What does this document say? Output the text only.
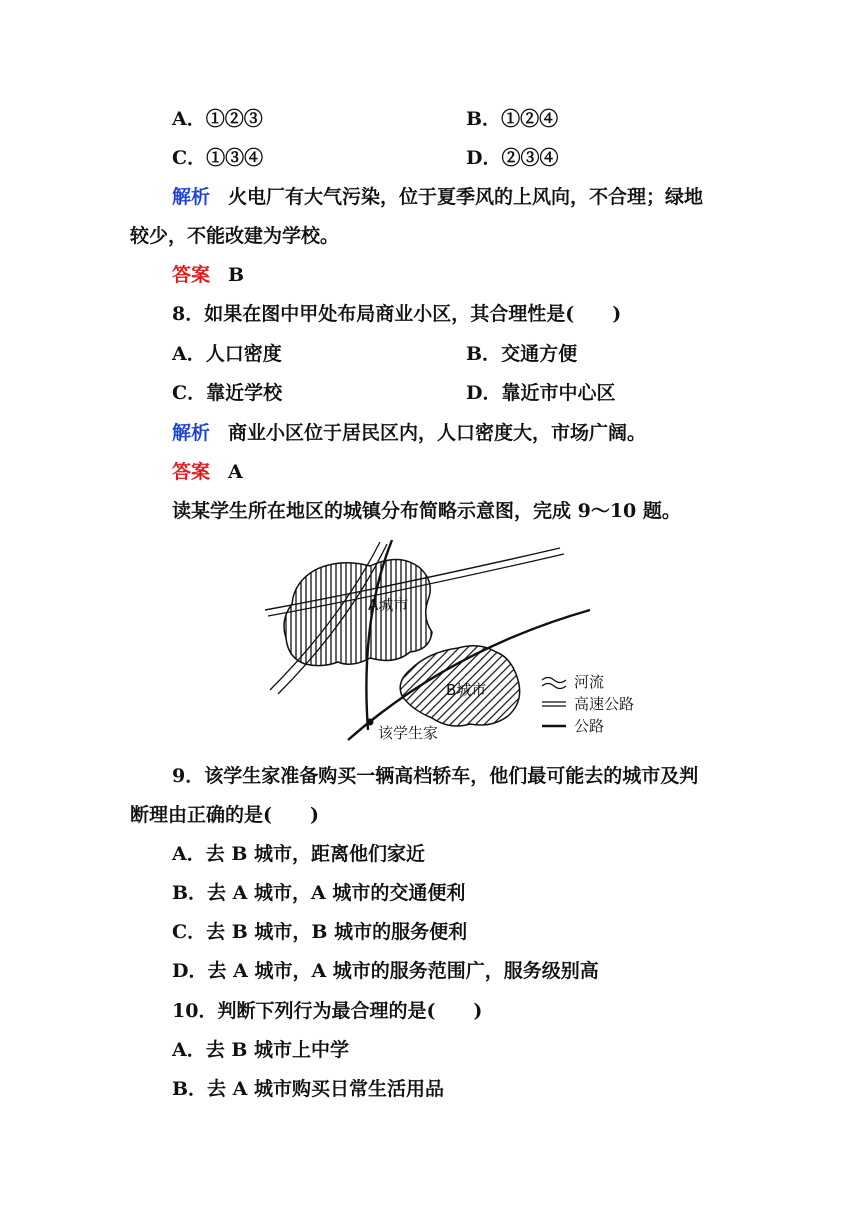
A．①②③	B．①②④
C．①③④	D．②③④
解析 火电厂有大气污染，位于夏季风的上风向，不合理；绿地
较少，不能改建为学校。
答案 B
8．如果在图中甲处布局商业小区，其合理性是(　　)
A．人口密度	B．交通方便
C．靠近学校	D．靠近市中心区
解析 商业小区位于居民区内，人口密度大，市场广阔。
答案 A
读某学生所在地区的城镇分布简略示意图，完成 9～10 题。
A城市
B城市
该学生家
河流
高速公路
公路
9．该学生家准备购买一辆高档轿车，他们最可能去的城市及判
断理由正确的是(　　)
A．去 B 城市，距离他们家近
B．去 A 城市，A 城市的交通便利
C．去 B 城市，B 城市的服务便利
D．去 A 城市，A 城市的服务范围广，服务级别高
10．判断下列行为最合理的是(　　)
A．去 B 城市上中学
B．去 A 城市购买日常生活用品
